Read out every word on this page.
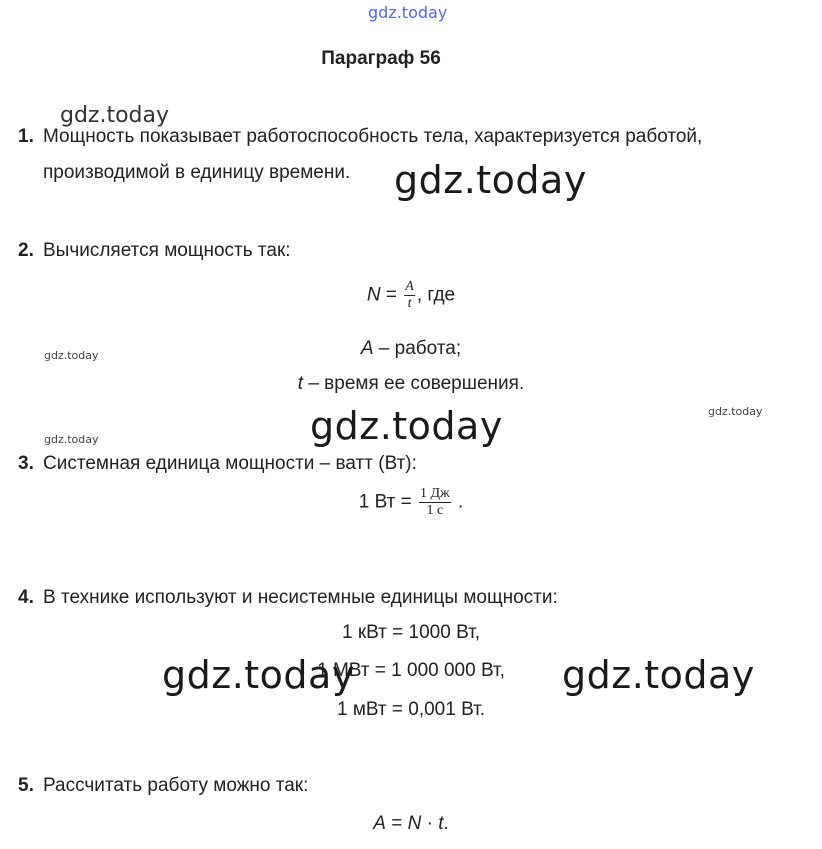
gdz.today
Параграф 56
gdz.today
1. Мощность показывает работоспособность тела, характеризуется работой,
производимой в единицу времени. gdz.today
2. Вычисляется мощность так:
$N = \frac{A}{t}$ , где
gdz.today	A – работа;
t – время ее совершения.
gdz.today
gdz.today
gdz.today
3. Системная единица мощности – ватт (Вт):
1 Вт = $\frac{1 Дж}{1 с}$ .
4. В технике используют и несистемные единицы мощности:
1 кВт = 1000 Вт,
1 МВт = 1 000 000 Вт,
1 мВт = 0,001 Вт.
gdz.today	gdz.today
5. Рассчитать работу можно так:
A = N · t.
